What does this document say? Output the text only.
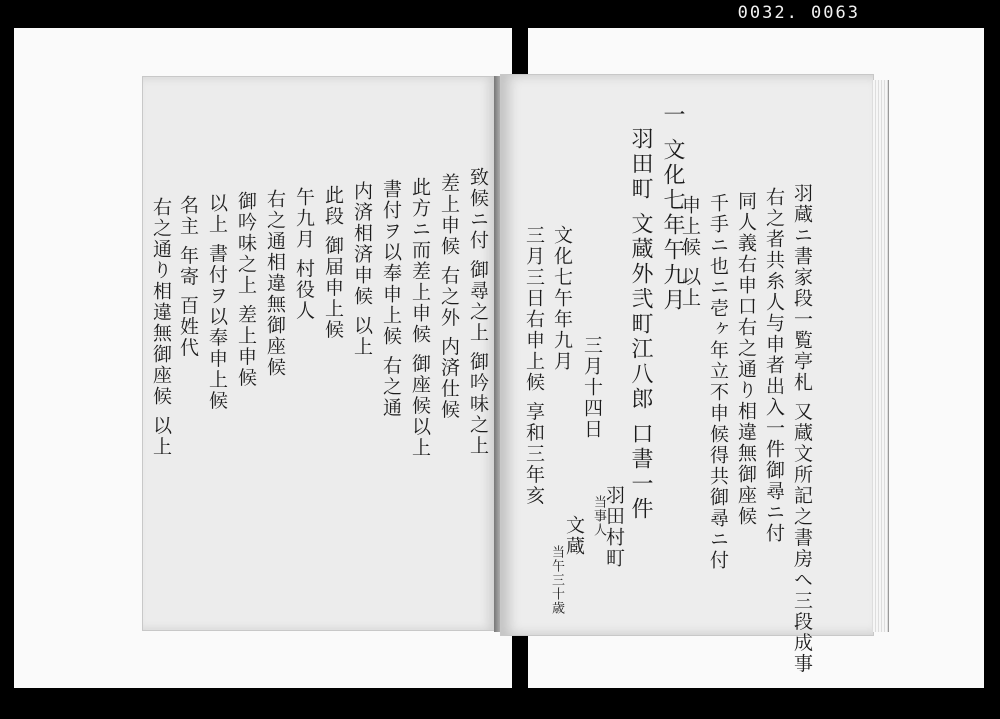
0032. 0063
致候ニ付 御尋之上 御吟味之上
差上申候 右之外 内済仕候
此方ニ而差上申候 御座候以上
書付ヲ以奉申上候 右之通
内済相済申候 以上
此段 御届申上候
午九月 村役人
右之通相違無御座候
御吟味之上 差上申候
以上 書付ヲ以奉申上候
名主 年寄 百姓代
右之通り相違無御座候 以上	羽蔵ニ書家段一覧亭札 又蔵文所記之書房へ三段成事
右之者共糸人与申者出入一件御尋ニ付
同人義右申口右之通り相違無御座候
千手ニ也ニ壱ヶ年立不申候得共御尋ニ付
申上候 以上
一 文化七年午九月
羽田町 文蔵外弐町江八郎 口書一件
文化七午年九月
三月三日右申上候 享和三年亥 三月十四日
羽田村町
当事人
文蔵
当午三十歳
